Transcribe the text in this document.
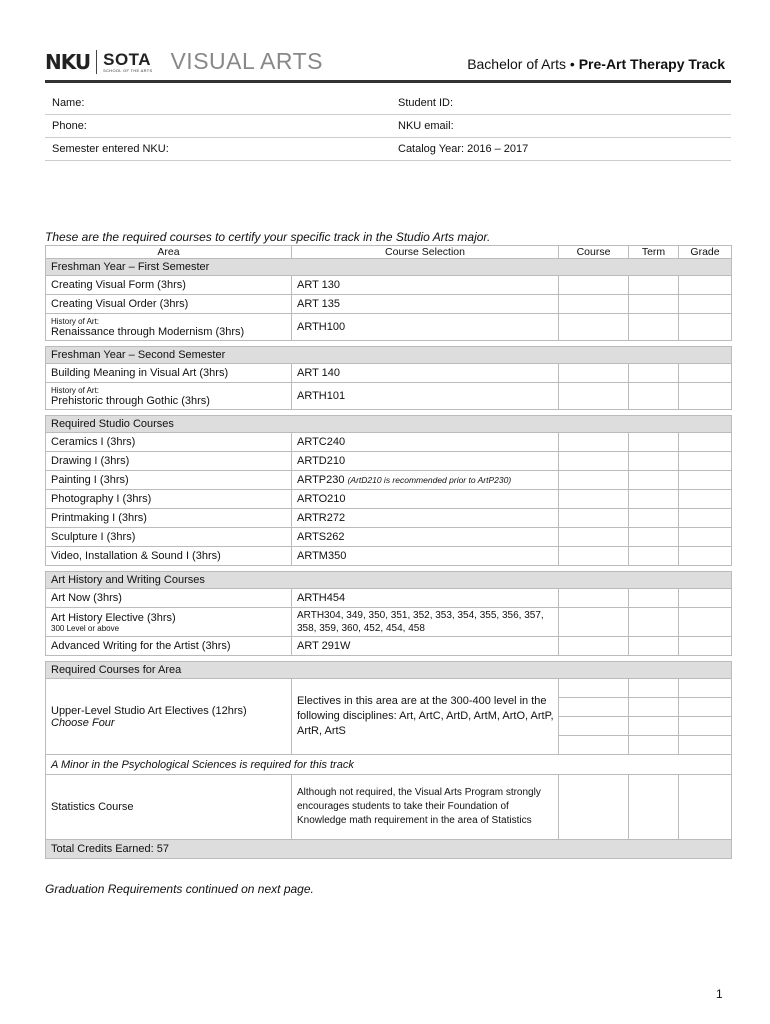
NKU SOTA
SCHOOL OF THE ARTS VISUAL ARTS	Bachelor of Arts • Pre-Art Therapy Track
Name:	Student ID:
Phone:	NKU email:
Semester entered NKU:	Catalog Year: 2016 – 2017
These are the required courses to certify your specific track in the Studio Arts major.
Area	Course Selection	Course	Term	Grade
Freshman Year – First Semester				
Creating Visual Form (3hrs)	ART 130			
Creating Visual Order (3hrs)	ART 135			

History of Art:
Renaissance through Modernism (3hrs)	ARTH100			

Freshman Year – Second Semester				
Building Meaning in Visual Art (3hrs)	ART 140			

History of Art:
Prehistoric through Gothic (3hrs)	ARTH101			

Required Studio Courses				
Ceramics I (3hrs)	ARTC240			
Drawing I (3hrs)	ARTD210			
Painting I (3hrs)	ARTP230 (ArtD210 is recommended prior to ArtP230)			
Photography I (3hrs)	ARTO210			
Printmaking I (3hrs)	ARTR272			
Sculpture I (3hrs)	ARTS262			
Video, Installation & Sound I (3hrs)	ARTM350			

Art History and Writing Courses				
Art Now (3hrs)	ARTH454			
Art History Elective (3hrs)
300 Level or above	ARTH304, 349, 350, 351, 352, 353, 354, 355, 356, 357, 358, 359, 360, 452, 454, 458			
Advanced Writing for the Artist (3hrs)	ART 291W			

Required Courses for Area				
Upper-Level Studio Art Electives (12hrs)
Choose Four	Electives in this area are at the 300-400 level in the following disciplines: Art, ArtC, ArtD, ArtM, ArtO, ArtP, ArtR, ArtS			

A Minor in the Psychological Sciences is required for this track				
Statistics Course	Although not required, the Visual Arts Program strongly encourages students to take their Foundation of Knowledge math requirement in the area of Statistics			
Total Credits Earned: 57				
Graduation Requirements continued on next page.
1
